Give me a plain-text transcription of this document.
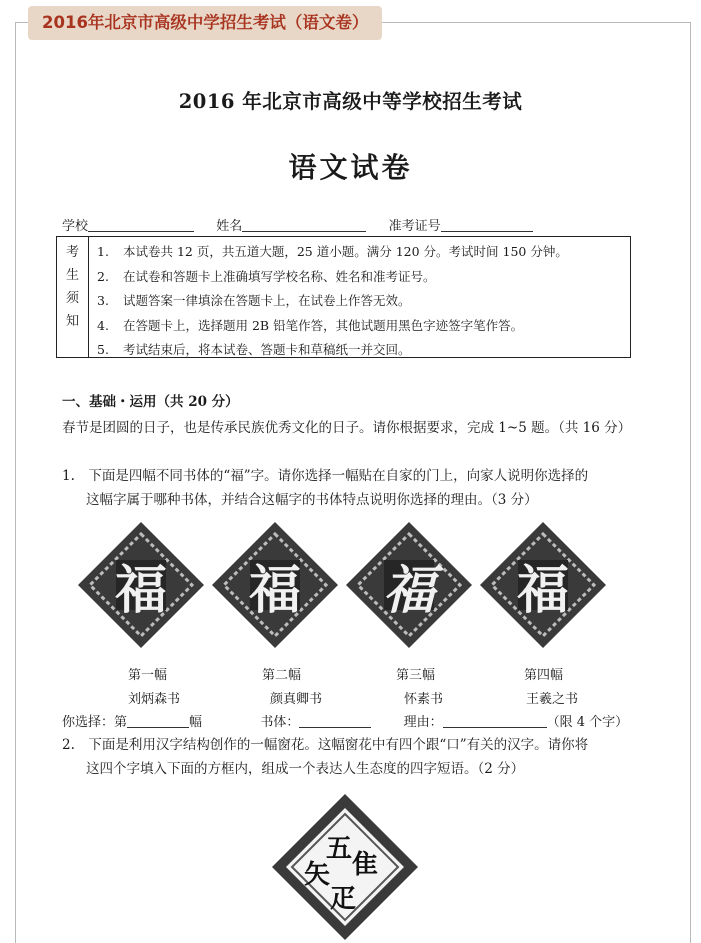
2016年北京市高级中学招生考试（语文卷）
2016 年北京市高级中等学校招生考试
语文试卷
学校	姓名	准考证号
考
生
须
知
1. 本试卷共 12 页，共五道大题，25 道小题。满分 120 分。考试时间 150 分钟。
2. 在试卷和答题卡上准确填写学校名称、姓名和准考证号。
3. 试题答案一律填涂在答题卡上，在试卷上作答无效。
4. 在答题卡上，选择题用 2B 铅笔作答，其他试题用黑色字迹签字笔作答。
5. 考试结束后，将本试卷、答题卡和草稿纸一并交回。
一、基础・运用（共 20 分）
春节是团圆的日子，也是传承民族优秀文化的日子。请你根据要求，完成 1~5 题。（共 16 分）
1.　下面是四幅不同书体的“福”字。请你选择一幅贴在自家的门上，向家人说明你选择的
这幅字属于哪种书体，并结合这幅字的书体特点说明你选择的理由。（3 分）
福	福	福	福
第一幅	第二幅	第三幅	第四幅
刘炳森书	颜真卿书	怀素书	王羲之书
你选择：第	幅	书体：	理由：	（限 4 个字）
2.　下面是利用汉字结构创作的一幅窗花。这幅窗花中有四个跟“口”有关的汉字。请你将
这四个字填入下面的方框内，组成一个表达人生态度的四字短语。（2 分）
五
隹
矢
疋
